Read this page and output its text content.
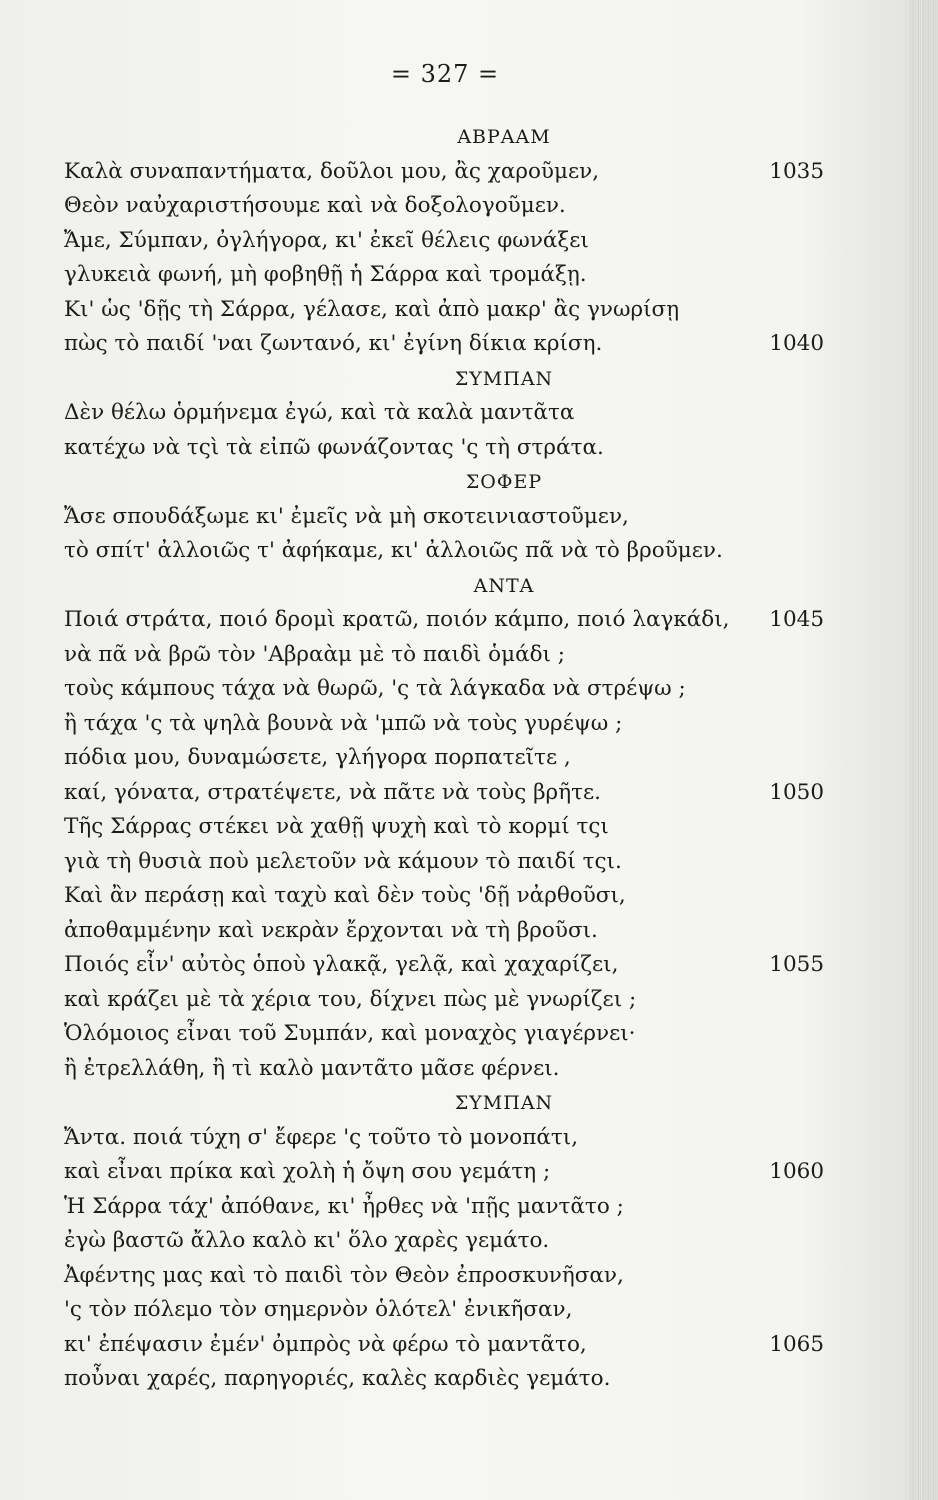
= 327 =
ΑΒΡΑΑΜ
Καλὰ συναπαντήματα, δοῦλοι μου, ἂς χαροῦμεν,	1035
Θεὸν ναὐχαριστήσουμε καὶ νὰ δοξολογοῦμεν.
Ἄμε, Σύμπαν, ὀγλήγορα, κι' ἐκεῖ θέλεις φωνάξει
γλυκειὰ φωνή, μὴ φοβηθῇ ἡ Σάρρα καὶ τρομάξῃ.
Κι' ὡς 'δῇς τὴ Σάρρα, γέλασε, καὶ ἀπὸ μακρ' ἂς γνωρίσῃ
πὼς τὸ παιδί 'ναι ζωντανό, κι' ἐγίνη δίκια κρίση.	1040
ΣΥΜΠΑΝ
Δὲν θέλω ὁρμήνεμα ἐγώ, καὶ τὰ καλὰ μαντᾶτα
κατέχω νὰ τςὶ τὰ εἰπῶ φωνάζοντας 'ς τὴ στράτα.
ΣΟΦΕΡ
Ἄσε σπουδάξωμε κι' ἐμεῖς νὰ μὴ σκοτεινιαστοῦμεν,
τὸ σπίτ' ἀλλοιῶς τ' ἀφήκαμε, κι' ἀλλοιῶς πᾶ νὰ τὸ βροῦμεν.
ΑΝΤΑ
Ποιά στράτα, ποιό δρομὶ κρατῶ, ποιόν κάμπο, ποιό λαγκάδι, 1045
νὰ πᾶ νὰ βρῶ τὸν 'Αβραὰμ μὲ τὸ παιδὶ ὁμάδι ;
τοὺς κάμπους τάχα νὰ θωρῶ, 'ς τὰ λάγκαδα νὰ στρέψω ;
ἢ τάχα 'ς τὰ ψηλὰ βουνὰ νὰ 'μπῶ νὰ τοὺς γυρέψω ;
πόδια μου, δυναμώσετε, γλήγορα πορπατεῖτε ,
καί, γόνατα, στρατέψετε, νὰ πᾶτε νὰ τοὺς βρῆτε.	1050
Τῆς Σάρρας στέκει νὰ χαθῇ ψυχὴ καὶ τὸ κορμί τςι
γιὰ τὴ θυσιὰ ποὺ μελετοῦν νὰ κάμουν τὸ παιδί τςι.
Καὶ ἂν περάσῃ καὶ ταχὺ καὶ δὲν τοὺς 'δῇ νἀρθοῦσι,
ἀποθαμμένην καὶ νεκρὰν ἔρχονται νὰ τὴ βροῦσι.
Ποιός εἶν' αὐτὸς ὁποὺ γλακᾷ, γελᾷ, καὶ χαχαρίζει,	1055
καὶ κράζει μὲ τὰ χέρια του, δίχνει πὼς μὲ γνωρίζει ;
Ὁλόμοιος εἶναι τοῦ Συμπάν, καὶ μοναχὸς γιαγέρνει·
ἢ ἐτρελλάθη, ἢ τὶ καλὸ μαντᾶτο μᾶσε φέρνει.
ΣΥΜΠΑΝ
Ἄντα. ποιά τύχη σ' ἔφερε 'ς τοῦτο τὸ μονοπάτι,
καὶ εἶναι πρίκα καὶ χολὴ ἡ ὄψη σου γεμάτη ;	1060
Ἡ Σάρρα τάχ' ἀπόθανε, κι' ἦρθες νὰ 'πῇς μαντᾶτο ;
ἐγὼ βαστῶ ἄλλο καλὸ κι' ὅλο χαρὲς γεμάτο.
Ἀφέντης μας καὶ τὸ παιδὶ τὸν Θεὸν ἐπροσκυνῆσαν,
'ς τὸν πόλεμο τὸν σημερνὸν ὁλότελ' ἐνικῆσαν,
κι' ἐπέψασιν ἐμέν' ὀμπρὸς νὰ φέρω τὸ μαντᾶτο,	1065
ποὖναι χαρές, παρηγοριές, καλὲς καρδιὲς γεμάτο.
